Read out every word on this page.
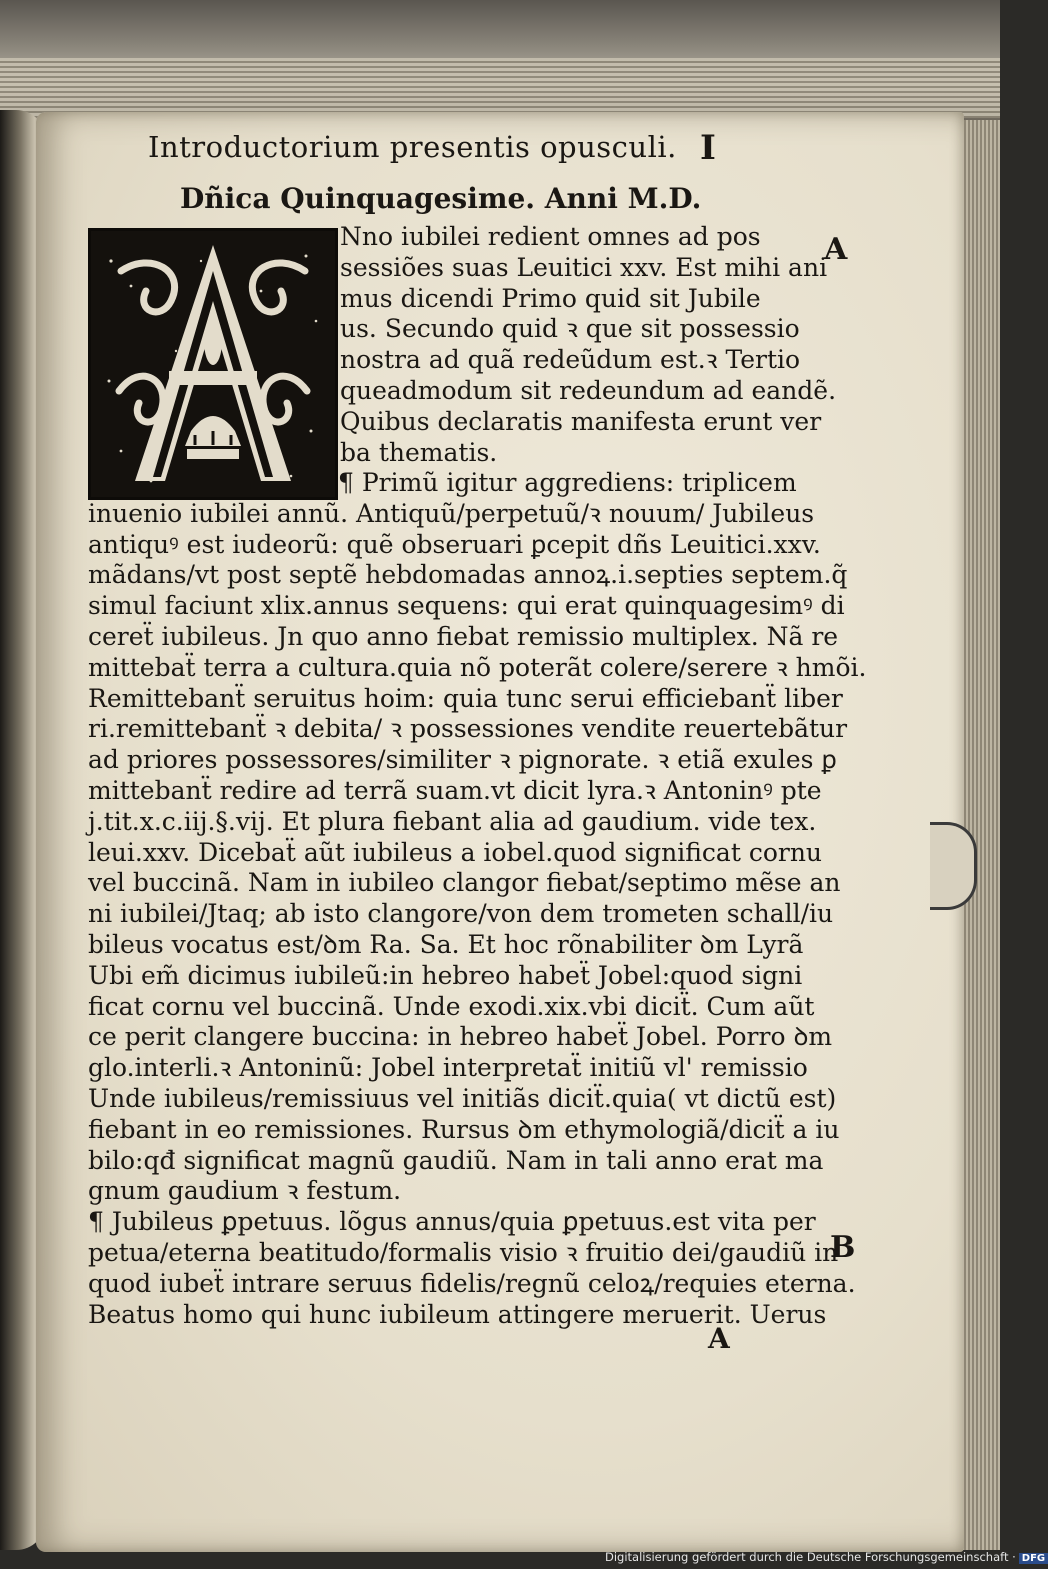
Introductorium presentis opusculi. I
Dñica Quinquagesime. Anni M.D.
Nno iubilei redient omnes ad pos
sessiões suas Leuitici xxv. Est mihi ani
mus dicendi Primo quid sit Jubile
us. Secundo quid ꝛ que sit possessio
nostra ad quã redeũdum est.ꝛ Tertio
queadmodum sit redeundum ad eandẽ.
Quibus declaratis manifesta erunt ver
ba thematis.
¶ Primũ igitur aggrediens: triplicem
inuenio iubilei annũ. Antiquũ/perpetuũ/ꝛ nouum/ Jubileus
antiquꝰ est iudeorũ: quẽ obseruari ꝑcepit dñs Leuitici.xxv.
mãdans/vt post septẽ hebdomadas annoꝝ.i.septies septem.q̃
simul faciunt xlix.annus sequens: qui erat quinquagesimꝰ di
cereẗ iubileus. Jn quo anno fiebat remissio multiplex. Nã re
mittebaẗ terra a cultura.quia nõ poterãt colere/serere ꝛ hmõi.
Remittebanẗ seruitus hoim: quia tunc serui efficiebanẗ liber
ri.remittebanẗ ꝛ debita/ ꝛ possessiones vendite reuertebãtur
ad priores possessores/similiter ꝛ pignorate. ꝛ etiã exules ꝑ
mittebanẗ redire ad terrã suam.vt dicit lyra.ꝛ Antoninꝰ pte
j.tit.x.c.iij.§.vij. Et plura fiebant alia ad gaudium. vide tex.
leui.xxv. Dicebaẗ aũt iubileus a iobel.quod significat cornu
vel buccinã. Nam in iubileo clangor fiebat/septimo mẽse an
ni iubilei/Jtaq; ab isto clangore/von dem trometen schall/iu
bileus vocatus est/ꝺm Ra. Sa. Et hoc rõnabiliter ꝺm Lyrã
Ubi em̃ dicimus iubileũ:in hebreo habeẗ Jobel:quod signi
ficat cornu vel buccinã. Unde exodi.xix.vbi diciẗ. Cum aũt
ce perit clangere buccina: in hebreo habeẗ Jobel. Porro ꝺm
glo.interli.ꝛ Antoninũ: Jobel interpretaẗ initiũ vl' remissio
Unde iubileus/remissiuus vel initiãs diciẗ.quia( vt dictũ est)
fiebant in eo remissiones. Rursus ꝺm ethymologiã/diciẗ a iu
bilo:qđ significat magnũ gaudiũ. Nam in tali anno erat ma
gnum gaudium ꝛ festum.
¶ Jubileus ꝑpetuus. lõgus annus/quia ꝑpetuus.est vita per
petua/eterna beatitudo/formalis visio ꝛ fruitio dei/gaudiũ in
quod iubeẗ intrare seruus fidelis/regnũ celoꝝ/requies eterna.
Beatus homo qui hunc iubileum attingere meruerit. Uerus
A
B
A
Digitalisierung gefördert durch die Deutsche Forschungsgemeinschaft · DFG
